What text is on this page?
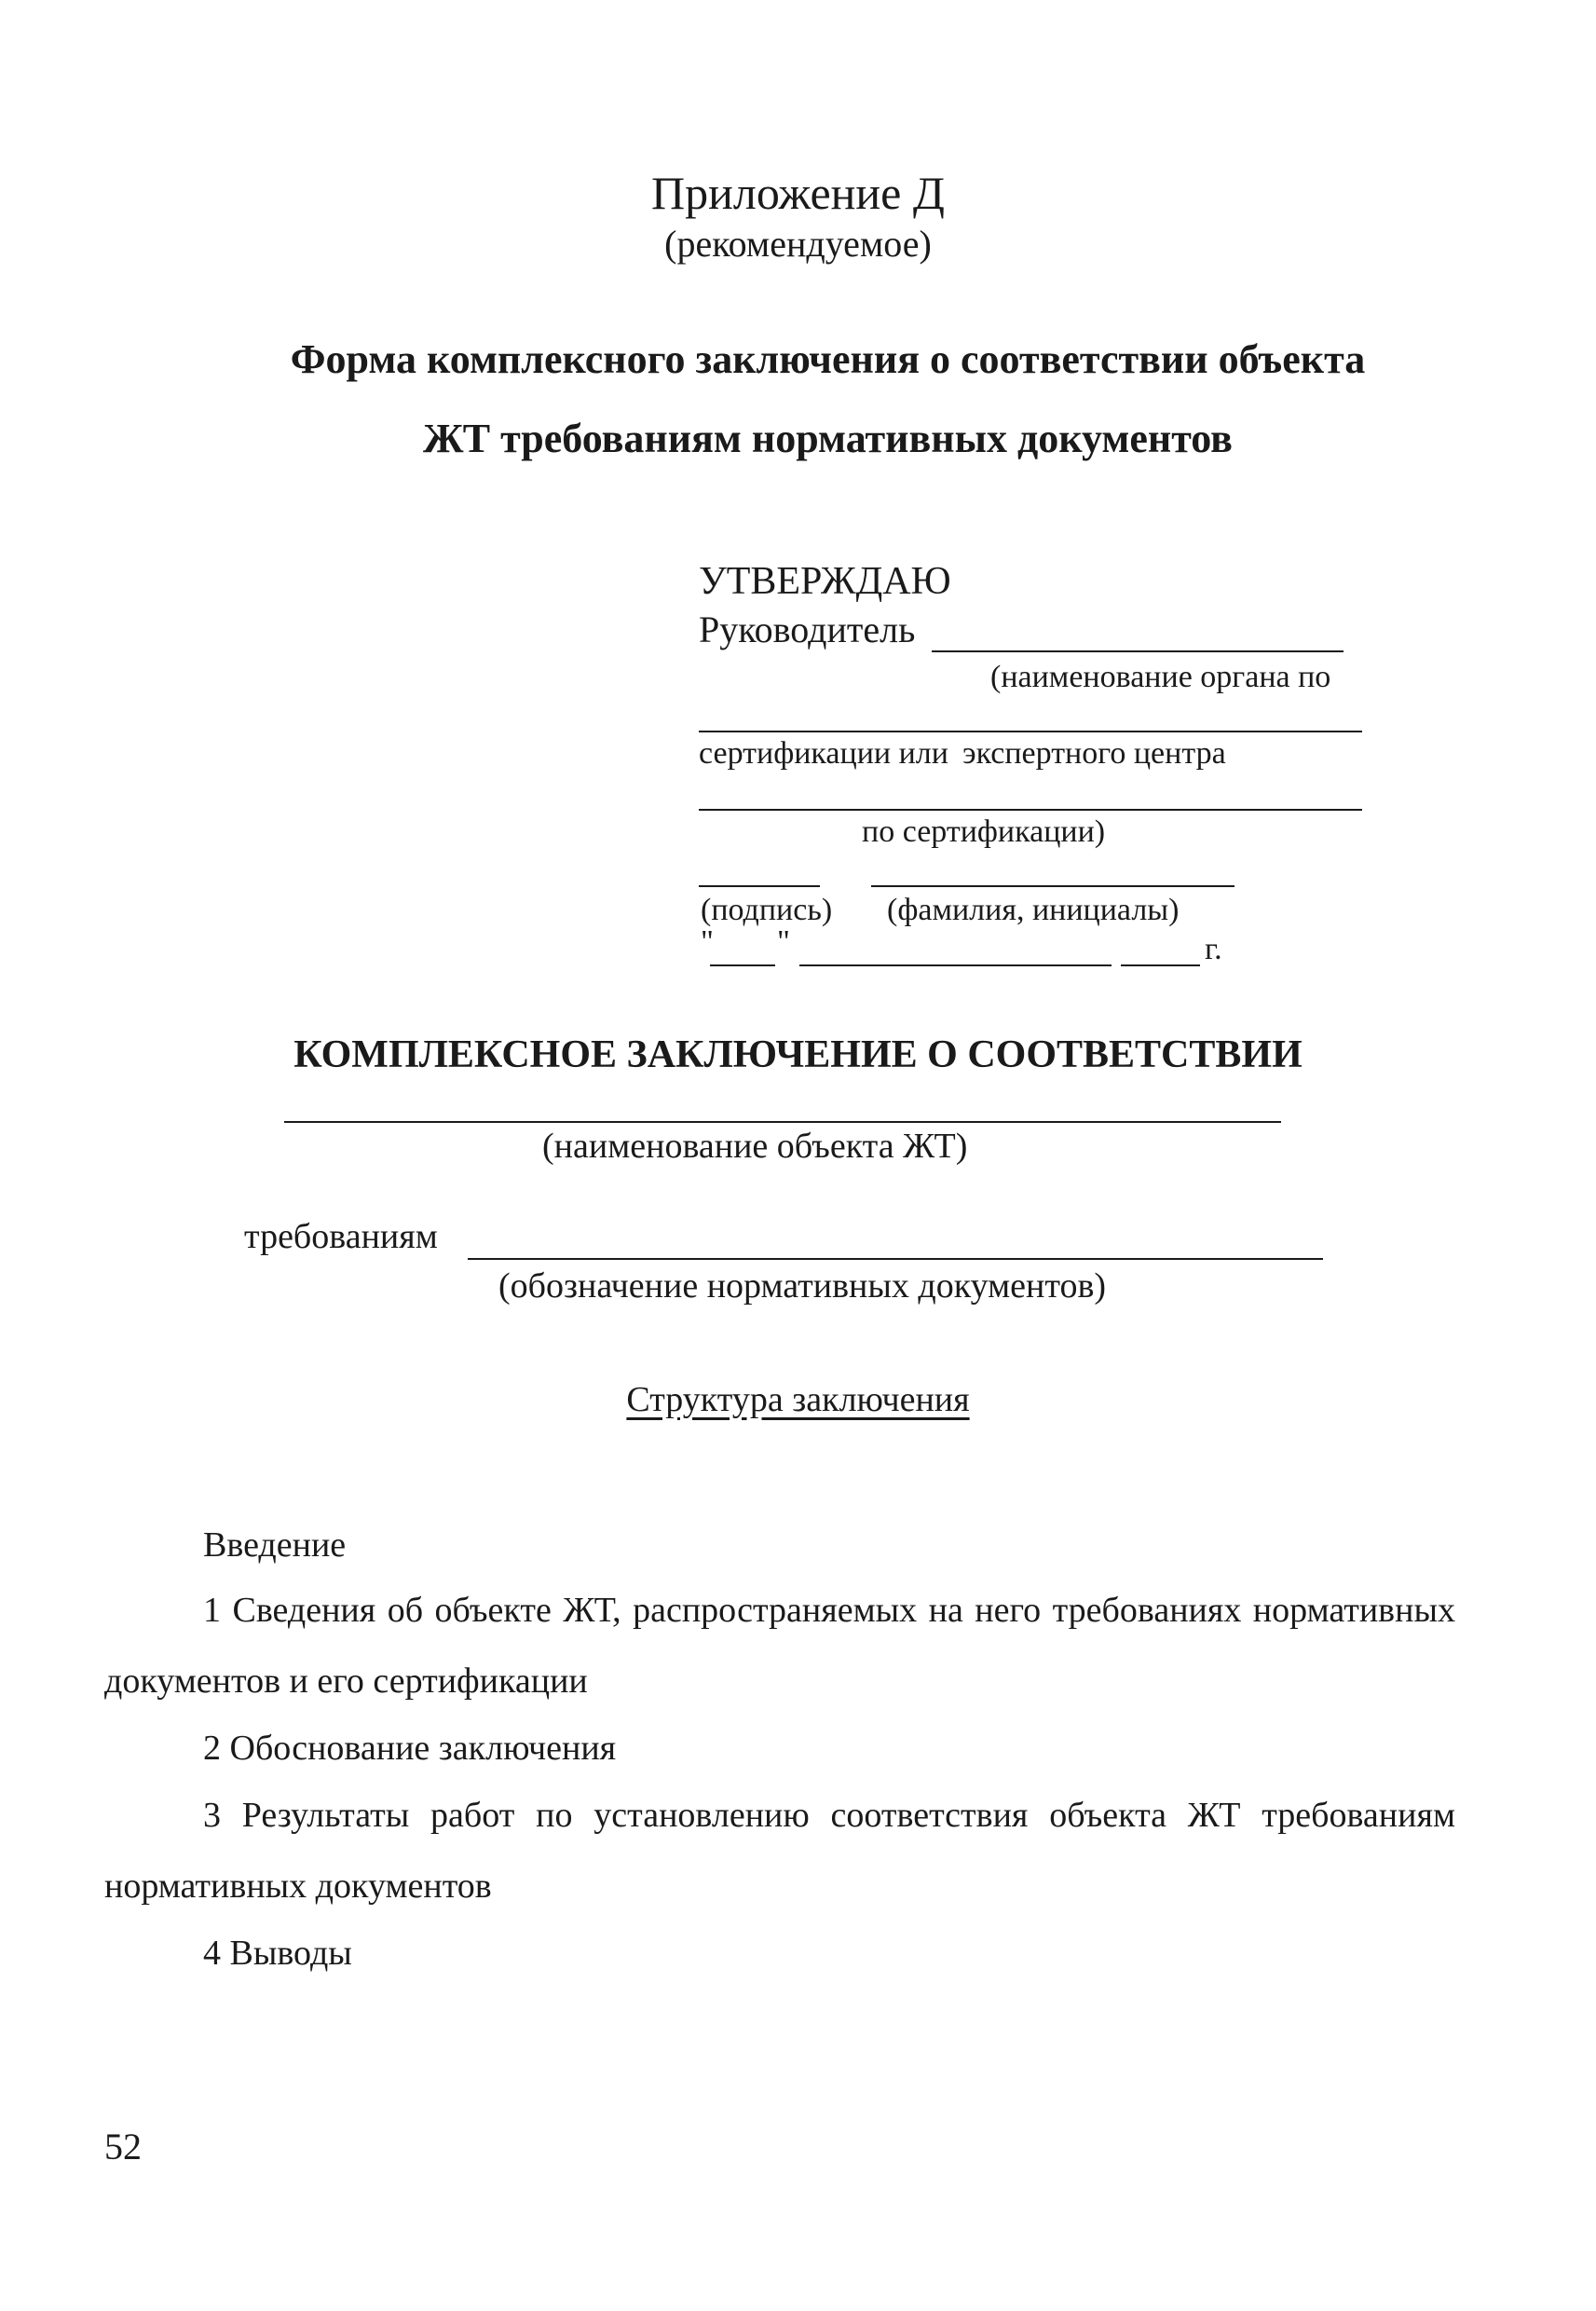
Приложение Д
(рекомендуемое)
Форма комплексного заключения о соответствии объекта
ЖТ требованиям нормативных документов
УТВЕРЖДАЮ
Руководитель
(наименование органа по
сертификации или экспертного центра
по сертификации)
(подпись) (фамилия, инициалы)
" "	г.
КОМПЛЕКСНОЕ ЗАКЛЮЧЕНИЕ О СООТВЕТСТВИИ
(наименование объекта ЖТ)
требованиям
(обозначение нормативных документов)
Структура заключения
Введение
1 Сведения об объекте ЖТ, распространяемых на него требованиях нормативных документов и его сертификации
2 Обоснование заключения
3 Результаты работ по установлению соответствия объекта ЖТ требованиям нормативных документов
4 Выводы
52
